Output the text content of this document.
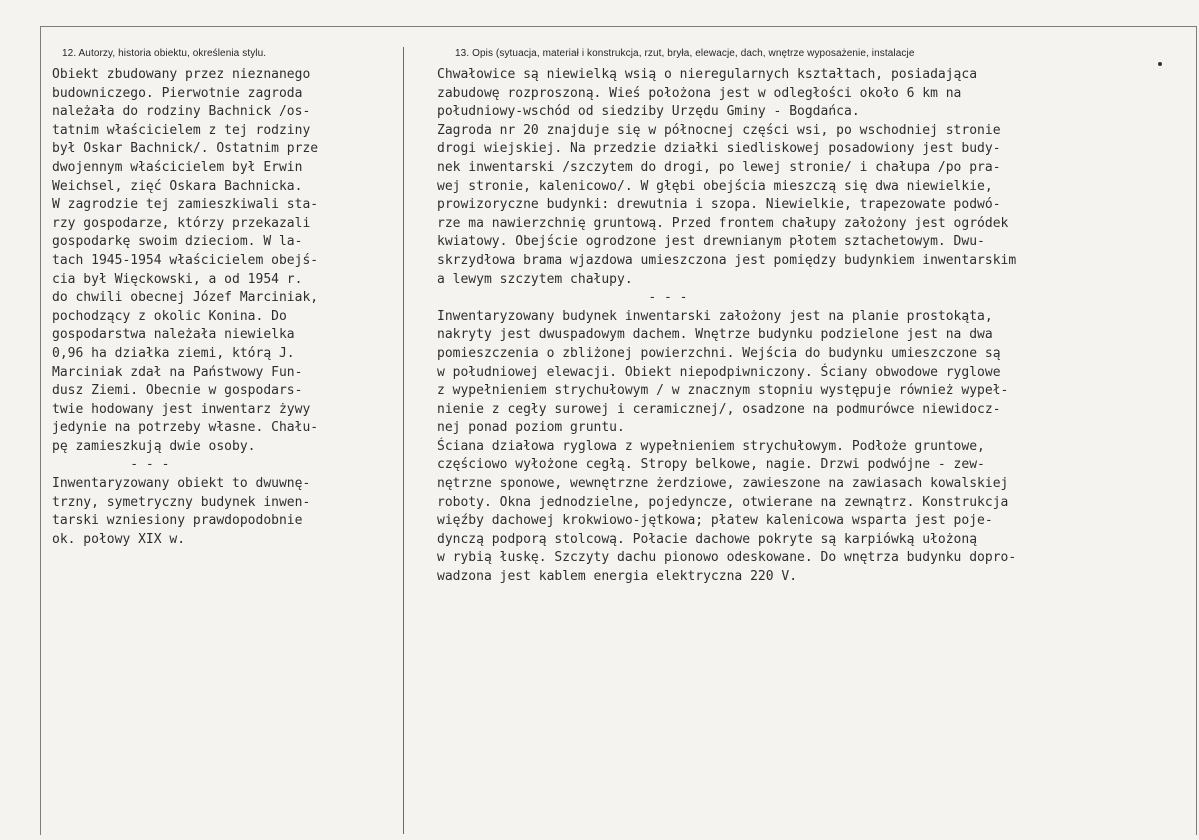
12. Autorzy, historia obiektu, określenia stylu.	13. Opis (sytuacja, materiał i konstrukcja, rzut, bryła, elewacje, dach, wnętrze wyposażenie, instalacje
Obiekt zbudowany przez nieznanego
budowniczego. Pierwotnie zagroda
należała do rodziny Bachnick /os-
tatnim właścicielem z tej rodziny
był Oskar Bachnick/. Ostatnim prze
dwojennym właścicielem był Erwin
Weichsel, zięć Oskara Bachnicka.
W zagrodzie tej zamieszkiwali sta-
rzy gospodarze, którzy przekazali
gospodarkę swoim dzieciom. W la-
tach 1945-1954 właścicielem obejś-
cia był Więckowski, a od 1954 r.
do chwili obecnej Józef Marciniak,
pochodzący z okolic Konina. Do
gospodarstwa należała niewielka
0,96 ha działka ziemi, którą J.
Marciniak zdał na Państwowy Fun-
dusz Ziemi. Obecnie w gospodars-
twie hodowany jest inwentarz żywy
jedynie na potrzeby własne. Chału-
pę zamieszkują dwie osoby.
- - -
Inwentaryzowany obiekt to dwuwnę-
trzny, symetryczny budynek inwen-
tarski wzniesiony prawdopodobnie
ok. połowy XIX w.
Chwałowice są niewielką wsią o nieregularnych kształtach, posiadająca
zabudowę rozproszoną. Wieś położona jest w odległości około 6 km na
południowy-wschód od siedziby Urzędu Gminy - Bogdańca.
Zagroda nr 20 znajduje się w północnej części wsi, po wschodniej stronie
drogi wiejskiej. Na przedzie działki siedliskowej posadowiony jest budy-
nek inwentarski /szczytem do drogi, po lewej stronie/ i chałupa /po pra-
wej stronie, kalenicowo/. W głębi obejścia mieszczą się dwa niewielkie,
prowizoryczne budynki: drewutnia i szopa. Niewielkie, trapezowate podwó-
rze ma nawierzchnię gruntową. Przed frontem chałupy założony jest ogródek
kwiatowy. Obejście ogrodzone jest drewnianym płotem sztachetowym. Dwu-
skrzydłowa brama wjazdowa umieszczona jest pomiędzy budynkiem inwentarskim
a lewym szczytem chałupy.
- - -
Inwentaryzowany budynek inwentarski założony jest na planie prostokąta,
nakryty jest dwuspadowym dachem. Wnętrze budynku podzielone jest na dwa
pomieszczenia o zbliżonej powierzchni. Wejścia do budynku umieszczone są
w południowej elewacji. Obiekt niepodpiwniczony. Ściany obwodowe ryglowe
z wypełnieniem strychułowym / w znacznym stopniu występuje również wypeł-
nienie z cegły surowej i ceramicznej/, osadzone na podmurówce niewidocz-
nej ponad poziom gruntu.
Ściana działowa ryglowa z wypełnieniem strychułowym. Podłoże gruntowe,
częściowo wyłożone cegłą. Stropy belkowe, nagie. Drzwi podwójne - zew-
nętrzne sponowe, wewnętrzne żerdziowe, zawieszone na zawiasach kowalskiej
roboty. Okna jednodzielne, pojedyncze, otwierane na zewnątrz. Konstrukcja
więźby dachowej krokwiowo-jętkowa; płatew kalenicowa wsparta jest poje-
dynczą podporą stolcową. Połacie dachowe pokryte są karpiówką ułożoną
w rybią łuskę. Szczyty dachu pionowo odeskowane. Do wnętrza budynku dopro-
wadzona jest kablem energia elektryczna 220 V.
